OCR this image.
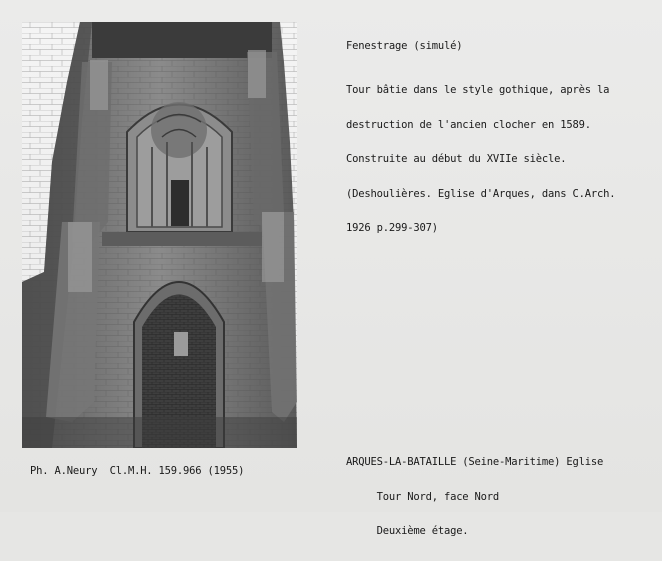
Fenestrage (simulé)

Tour bâtie dans le style gothique, après la

destruction de l'ancien clocher en 1589.

Construite au début du XVIIe siècle.

(Deshoulières. Eglise d'Arques, dans C.Arch.

1926 p.299-307)

ARQUES-LA-BATAILLE (Seine-Maritime) Eglise

Tour Nord, face Nord

Deuxième étage.

Ph. A.Neury  Cl.M.H. 159.966 (1955)
